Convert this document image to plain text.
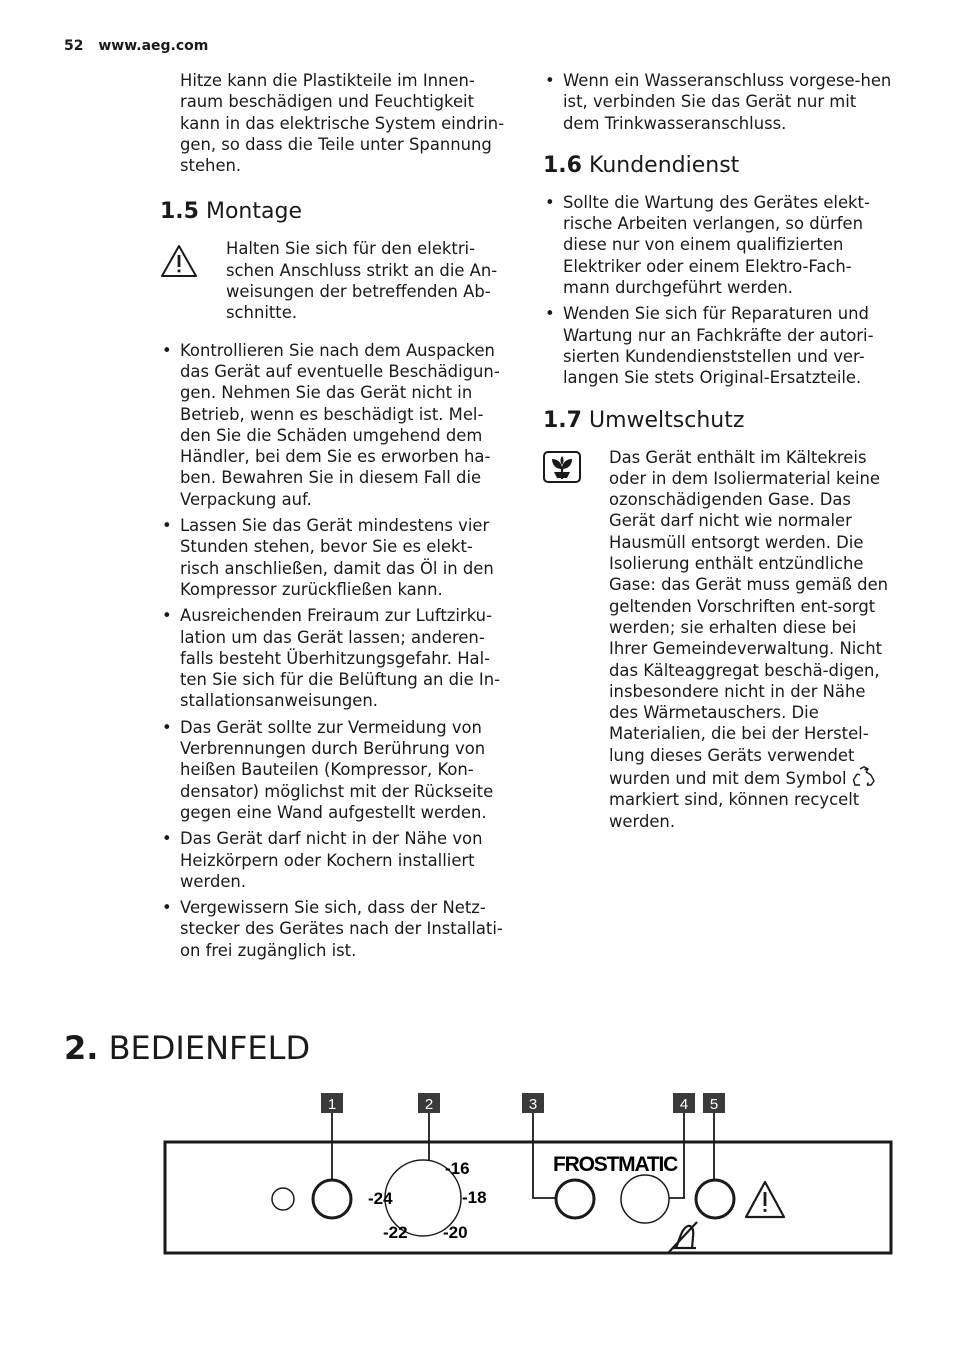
52 www.aeg.com

Hitze kann die Plastikteile im Innen-raum beschädigen und Feuchtigkeit kann in das elektrische System eindrin-gen, so dass die Teile unter Spannung stehen.

1.5 Montage

Halten Sie sich für den elektri-schen Anschluss strikt an die An-weisungen der betreffenden Ab-schnitte.

• Kontrollieren Sie nach dem Auspacken das Gerät auf eventuelle Beschädigun-gen. Nehmen Sie das Gerät nicht in Betrieb, wenn es beschädigt ist. Mel-den Sie die Schäden umgehend dem Händler, bei dem Sie es erworben ha-ben. Bewahren Sie in diesem Fall die Verpackung auf.
• Lassen Sie das Gerät mindestens vier Stunden stehen, bevor Sie es elekt-risch anschließen, damit das Öl in den Kompressor zurückfließen kann.
• Ausreichenden Freiraum zur Luftzirku-lation um das Gerät lassen; anderen-falls besteht Überhitzungsgefahr. Hal-ten Sie sich für die Belüftung an die In-stallationsanweisungen.
• Das Gerät sollte zur Vermeidung von Verbrennungen durch Berührung von heißen Bauteilen (Kompressor, Kon-densator) möglichst mit der Rückseite gegen eine Wand aufgestellt werden.
• Das Gerät darf nicht in der Nähe von Heizkörpern oder Kochern installiert werden.
• Vergewissern Sie sich, dass der Netz-stecker des Gerätes nach der Installati-on frei zugänglich ist.
• Wenn ein Wasseranschluss vorgese-hen ist, verbinden Sie das Gerät nur mit dem Trinkwasseranschluss.
1.6 Kundendienst
• Sollte die Wartung des Gerätes elekt-rische Arbeiten verlangen, so dürfen diese nur von einem qualifizierten Elektriker oder einem Elektro-Fach-mann durchgeführt werden.
• Wenden Sie sich für Reparaturen und Wartung nur an Fachkräfte der autori-sierten Kundendienststellen und ver-langen Sie stets Original-Ersatzteile.
1.7 Umweltschutz

Das Gerät enthält im Kältekreis oder in dem Isoliermaterial keine ozonschädigenden Gase. Das Gerät darf nicht wie normaler Hausmüll entsorgt werden. Die Isolierung enthält entzündliche Gase: das Gerät muss gemäß den geltenden Vorschriften ent-sorgt werden; sie erhalten diese bei Ihrer Gemeindeverwaltung. Nicht das Kälteaggregat beschä-digen, insbesondere nicht in der Nähe des Wärmetauschers. Die Materialien, die bei der Herstel-lung dieses Geräts verwendet wurden und mit dem Symbol  markiert sind, können recycelt werden.

2. BEDIENFELD
1	2	3	4 5
-16
-18
-20
-22
-24
FROSTMATIC
